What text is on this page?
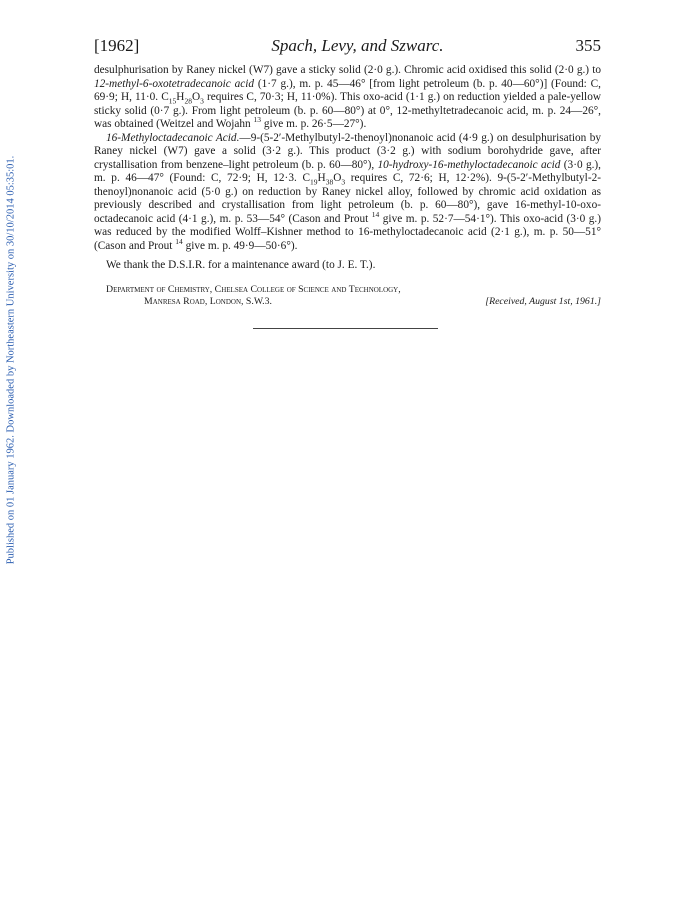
Published on 01 January 1962. Downloaded by Northeastern University on 30/10/2014 05:35:01.
[1962]	Spach, Levy, and Szwarc.	355

desulphurisation by Raney nickel (W7) gave a sticky solid (2·0 g.). Chromic acid oxidised this solid (2·0 g.) to 12-methyl-6-oxotetradecanoic acid (1·7 g.), m. p. 45—46° [from light petroleum (b. p. 40—60°)] (Found: C, 69·9; H, 11·0. $C_{15}H_{28}O_3$ requires C, 70·3; H, 11·0%). This oxo-acid (1·1 g.) on reduction yielded a pale-yellow sticky solid (0·7 g.). From light petroleum (b. p. 60—80°) at 0°, 12-methyltetradecanoic acid, m. p. 24—26°, was obtained (Weitzel and Wojahn $^{13}$ give m. p. 26·5—27°).

16-Methyloctadecanoic Acid.—9-(5-2′-Methylbutyl-2-thenoyl)nonanoic acid (4·9 g.) on desulphurisation by Raney nickel (W7) gave a solid (3·2 g.). This product (3·2 g.) with sodium borohydride gave, after crystallisation from benzene–light petroleum (b. p. 60—80°), 10-hydroxy-16-methyloctadecanoic acid (3·0 g.), m. p. 46—47° (Found: C, 72·9; H, 12·3. $C_{19}H_{38}O_3$ requires C, 72·6; H, 12·2%). 9-(5-2′-Methylbutyl-2-thenoyl)nonanoic acid (5·0 g.) on reduction by Raney nickel alloy, followed by chromic acid oxidation as previously described and crystallisation from light petroleum (b. p. 60—80°), gave 16-methyl-10-oxo-octadecanoic acid (4·1 g.), m. p. 53—54° (Cason and Prout $^{14}$ give m. p. 52·7—54·1°). This oxo-acid (3·0 g.) was reduced by the modified Wolff–Kishner method to 16-methyloctadecanoic acid (2·1 g.), m. p. 50—51° (Cason and Prout $^{14}$ give m. p. 49·9—50·6°).

We thank the D.S.I.R. for a maintenance award (to J. E. T.).

Department of Chemistry, Chelsea College of Science and Technology,
Manresa Road, London, S.W.3.	[Received, August 1st, 1961.]
